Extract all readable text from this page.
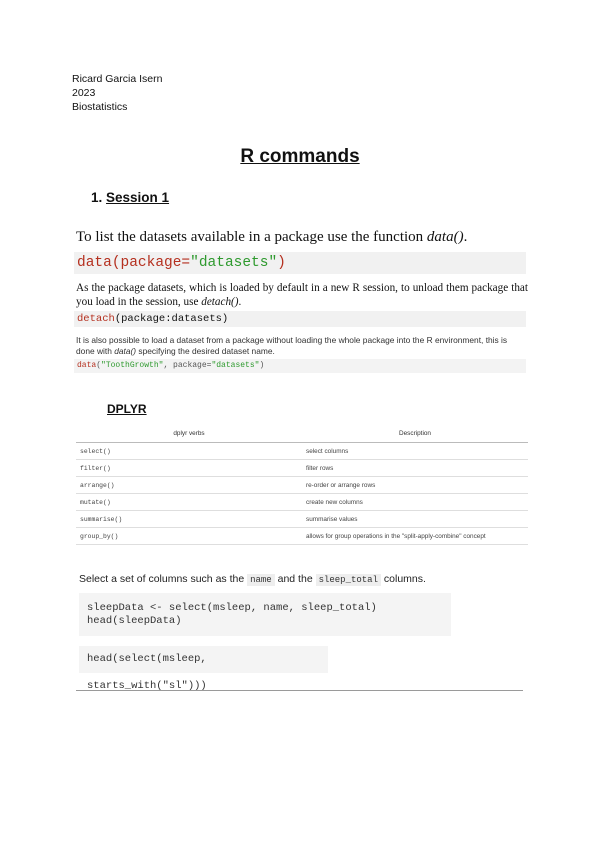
Ricard Garcia Isern
2023
Biostatistics
R commands
1. Session 1
To list the datasets available in a package use the function data().
data(package="datasets")
As the package datasets, which is loaded by default in a new R session, to unload them package that you load in the session, use detach().
detach(package:datasets)
It is also possible to load a dataset from a package without loading the whole package into the R environment, this is done with data() specifying the desired dataset name.
data("ToothGrowth", package="datasets")
DPLYR
dplyr verbs	Description
select()	select columns
filter()	filter rows
arrange()	re-order or arrange rows
mutate()	create new columns
summarise()	summarise values
group_by()	allows for group operations in the "split-apply-combine" concept
Select a set of columns such as the name and the sleep_total columns.
sleepData <- select(msleep, name, sleep_total)
head(sleepData)
head(select(msleep, starts_with("sl")))
